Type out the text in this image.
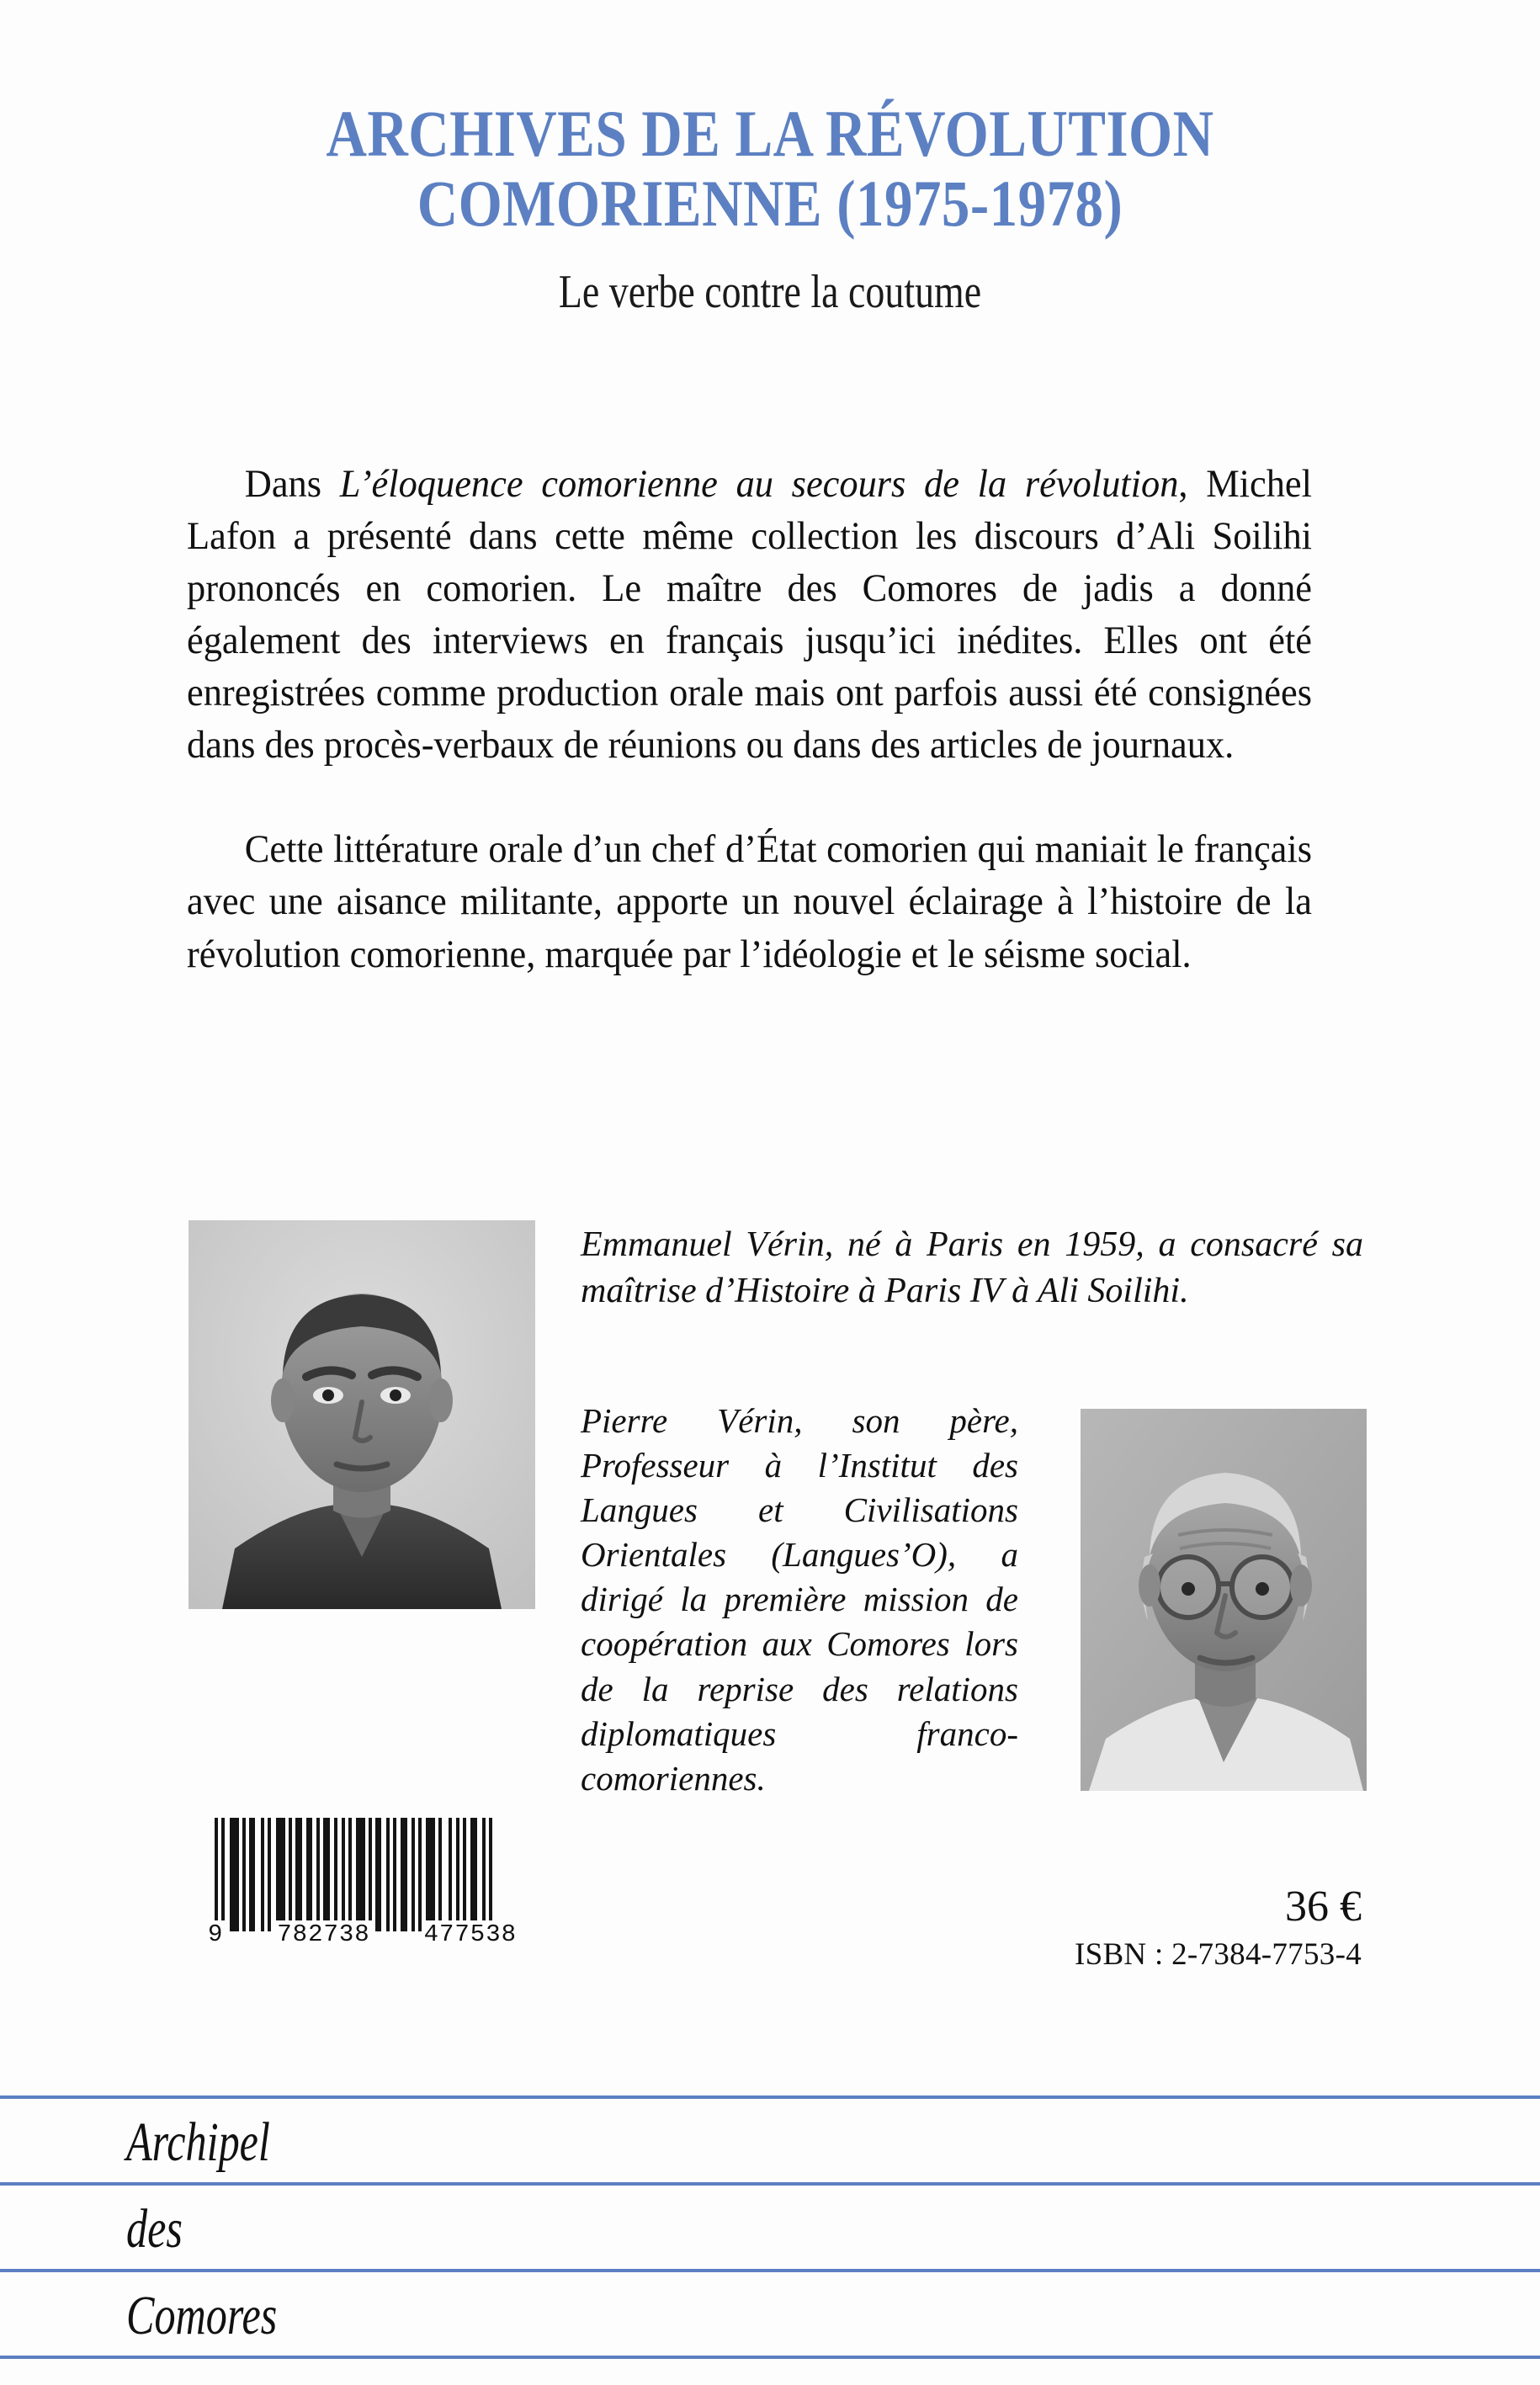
ARCHIVES DE LA RÉVOLUTION
COMORIENNE (1975-1978)
Le verbe contre la coutume

Dans L’éloquence comorienne au secours de la révolution, Michel Lafon a présenté dans cette même collection les discours d’Ali Soilihi prononcés en comorien. Le maître des Comores de jadis a donné également des interviews en français jusqu’ici inédites. Elles ont été enregistrées comme production orale mais ont parfois aussi été consignées dans des procès-verbaux de réunions ou dans des articles de journaux.

Cette littérature orale d’un chef d’État comorien qui maniait le français avec une aisance militante, apporte un nouvel éclairage à l’histoire de la révolution comorienne, marquée par l’idéologie et le séisme social.

Emmanuel Vérin, né à Paris en 1959, a consacré sa maîtrise d’Histoire à Paris IV à Ali Soilihi.
Pierre Vérin, son père, Professeur à l’Institut des Langues et Civilisations Orientales (Langues’O), a dirigé la première mission de coopération aux Comores lors de la reprise des relations diplomatiques franco-comoriennes.
9 782738 477538
36 €
ISBN : 2-7384-7753-4
Archipel
des
Comores
